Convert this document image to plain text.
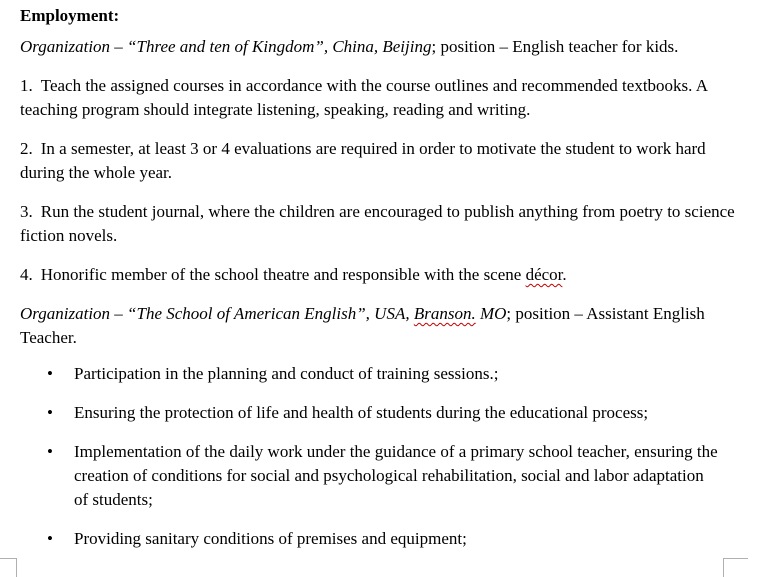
Employment:
Organization – “Three and ten of Kingdom”, China, Beijing; position – English teacher for kids.
1. Teach the assigned courses in accordance with the course outlines and recommended textbooks. A teaching program should integrate listening, speaking, reading and writing.
2. In a semester, at least 3 or 4 evaluations are required in order to motivate the student to work hard during the whole year.
3. Run the student journal, where the children are encouraged to publish anything from poetry to science fiction novels.
4. Honorific member of the school theatre and responsible with the scene décor.
Organization – “The School of American English”, USA, Branson. MO; position – Assistant English Teacher.
• Participation in the planning and conduct of training sessions.;
• Ensuring the protection of life and health of students during the educational process;
• Implementation of the daily work under the guidance of a primary school teacher, ensuring the creation of conditions for social and psychological rehabilitation, social and labor adaptation of students;
• Providing sanitary conditions of premises and equipment;
